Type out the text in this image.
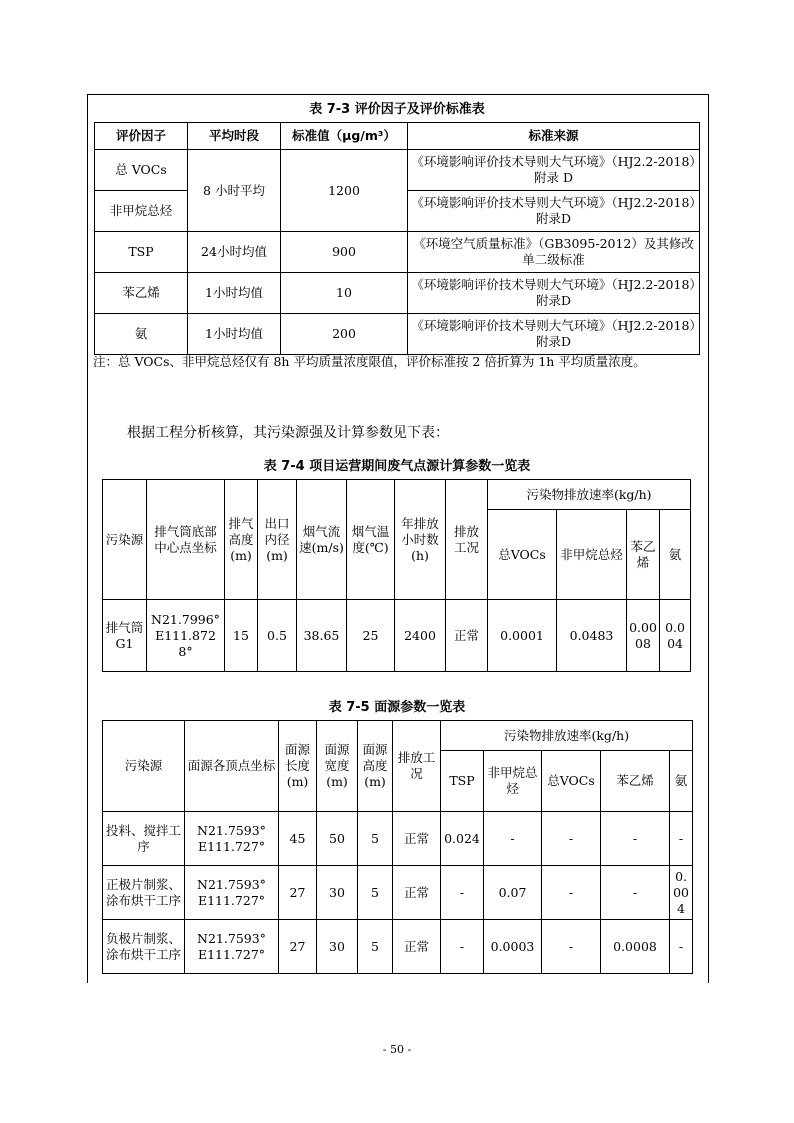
表 7-3 评价因子及评价标准表
评价因子	平均时段	标准值（μg/m³）	标准来源
总 VOCs	8 小时平均	1200	《环境影响评价技术导则大气环境》（HJ2.2-2018）附录 D
非甲烷总烃			《环境影响评价技术导则大气环境》（HJ2.2-2018）附录D
TSP	24小时均值	900	《环境空气质量标准》（GB3095-2012）及其修改单二级标准
苯乙烯	1小时均值	10	《环境影响评价技术导则大气环境》（HJ2.2-2018）附录D
氨	1小时均值	200	《环境影响评价技术导则大气环境》（HJ2.2-2018）附录D
注：总 VOCs、非甲烷总烃仅有 8h 平均质量浓度限值，评价标准按 2 倍折算为 1h 平均质量浓度。
根据工程分析核算，其污染源强及计算参数见下表：
表 7-4 项目运营期间废气点源计算参数一览表
污染源	排气筒底部中心点坐标	排气高度(m)	出口内径(m)	烟气流速(m/s)	烟气温度(℃)	年排放小时数(h)	排放工况	污染物排放速率(kg/h)			
								总VOCs	非甲烷总烃	苯乙烯	氨
排气筒G1	N21.7996°
E111.8728°	15	0.5	38.65	25	2400	正常	0.0001	0.0483	0.0008	0.004
表 7-5 面源参数一览表
污染源	面源各顶点坐标	面源长度(m)	面源宽度(m)	面源高度(m)	排放工况	污染物排放速率(kg/h)				
						TSP	非甲烷总烃	总VOCs	苯乙烯	氨
投料、搅拌工序	N21.7593°
E111.727°	45	50	5	正常	0.024	-	-	-	-
正极片制浆、涂布烘干工序	N21.7593°
E111.727°	27	30	5	正常	-	0.07	-	-	0.004
负极片制浆、涂布烘干工序	N21.7593°
E111.727°	27	30	5	正常	-	0.0003	-	0.0008	-
- 50 -
